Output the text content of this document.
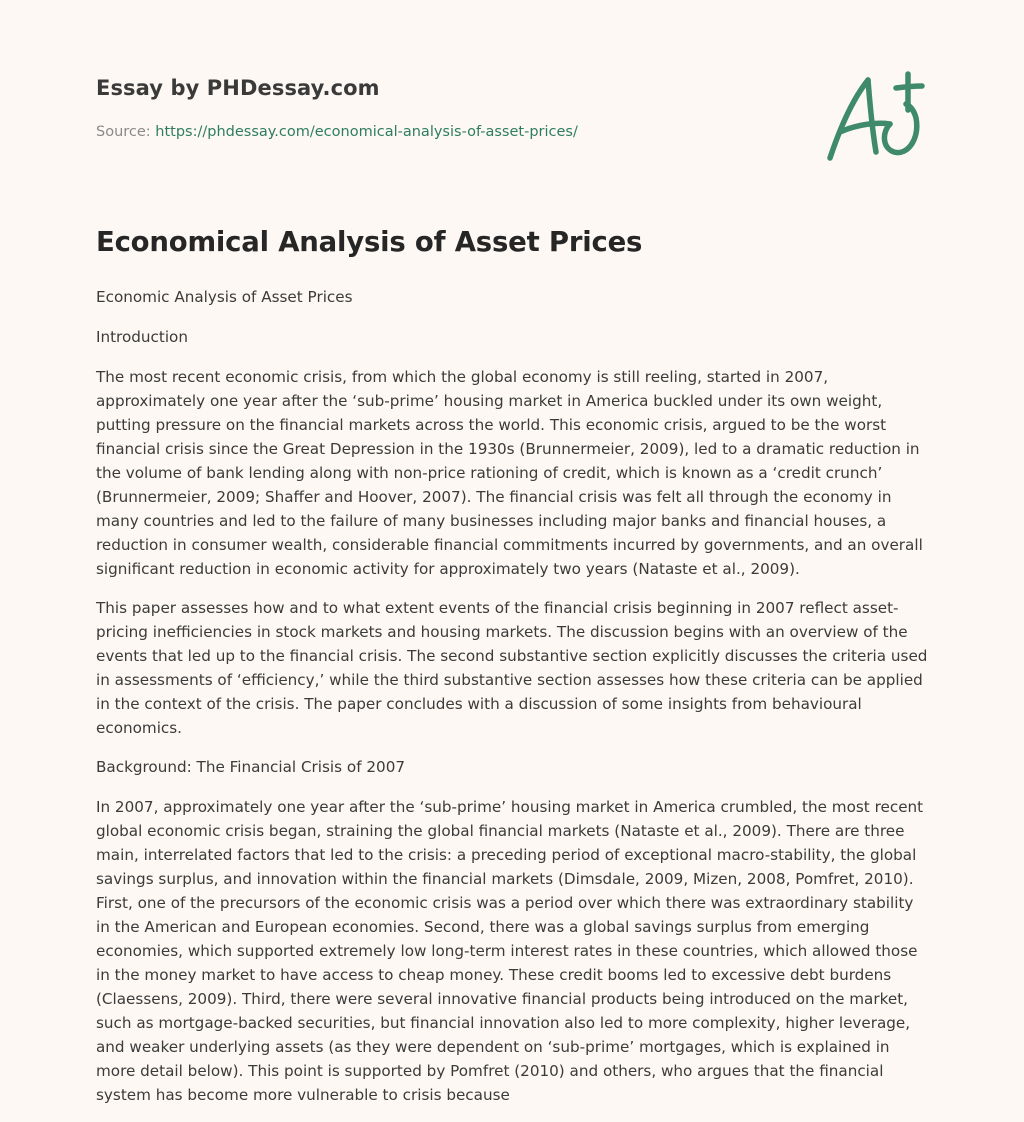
Essay by PHDessay.com
Source: https://phdessay.com/economical-analysis-of-asset-prices/
Economical Analysis of Asset Prices

Economic Analysis of Asset Prices

Introduction

The most recent economic crisis, from which the global economy is still reeling, started in 2007, approximately one year after the ‘sub-prime’ housing market in America buckled under its own weight, putting pressure on the financial markets across the world. This economic crisis, argued to be the worst financial crisis since the Great Depression in the 1930s (Brunnermeier, 2009), led to a dramatic reduction in the volume of bank lending along with non-price rationing of credit, which is known as a ‘credit crunch’ (Brunnermeier, 2009; Shaffer and Hoover, 2007). The financial crisis was felt all through the economy in many countries and led to the failure of many businesses including major banks and financial houses, a reduction in consumer wealth, considerable financial commitments incurred by governments, and an overall significant reduction in economic activity for approximately two years (Nataste et al., 2009).

This paper assesses how and to what extent events of the financial crisis beginning in 2007 reflect asset-pricing inefficiencies in stock markets and housing markets. The discussion begins with an overview of the events that led up to the financial crisis. The second substantive section explicitly discusses the criteria used in assessments of ‘efficiency,’ while the third substantive section assesses how these criteria can be applied in the context of the crisis. The paper concludes with a discussion of some insights from behavioural economics.

Background: The Financial Crisis of 2007

In 2007, approximately one year after the ‘sub-prime’ housing market in America crumbled, the most recent global economic crisis began, straining the global financial markets (Nataste et al., 2009). There are three main, interrelated factors that led to the crisis: a preceding period of exceptional macro-stability, the global savings surplus, and innovation within the financial markets (Dimsdale, 2009, Mizen, 2008, Pomfret, 2010). First, one of the precursors of the economic crisis was a period over which there was extraordinary stability in the American and European economies. Second, there was a global savings surplus from emerging economies, which supported extremely low long-term interest rates in these countries, which allowed those in the money market to have access to cheap money. These credit booms led to excessive debt burdens (Claessens, 2009). Third, there were several innovative financial products being introduced on the market, such as mortgage-backed securities, but financial innovation also led to more complexity, higher leverage, and weaker underlying assets (as they were dependent on ‘sub-prime’ mortgages, which is explained in more detail below). This point is supported by Pomfret (2010) and others, who argues that the financial system has become more vulnerable to crisis because
